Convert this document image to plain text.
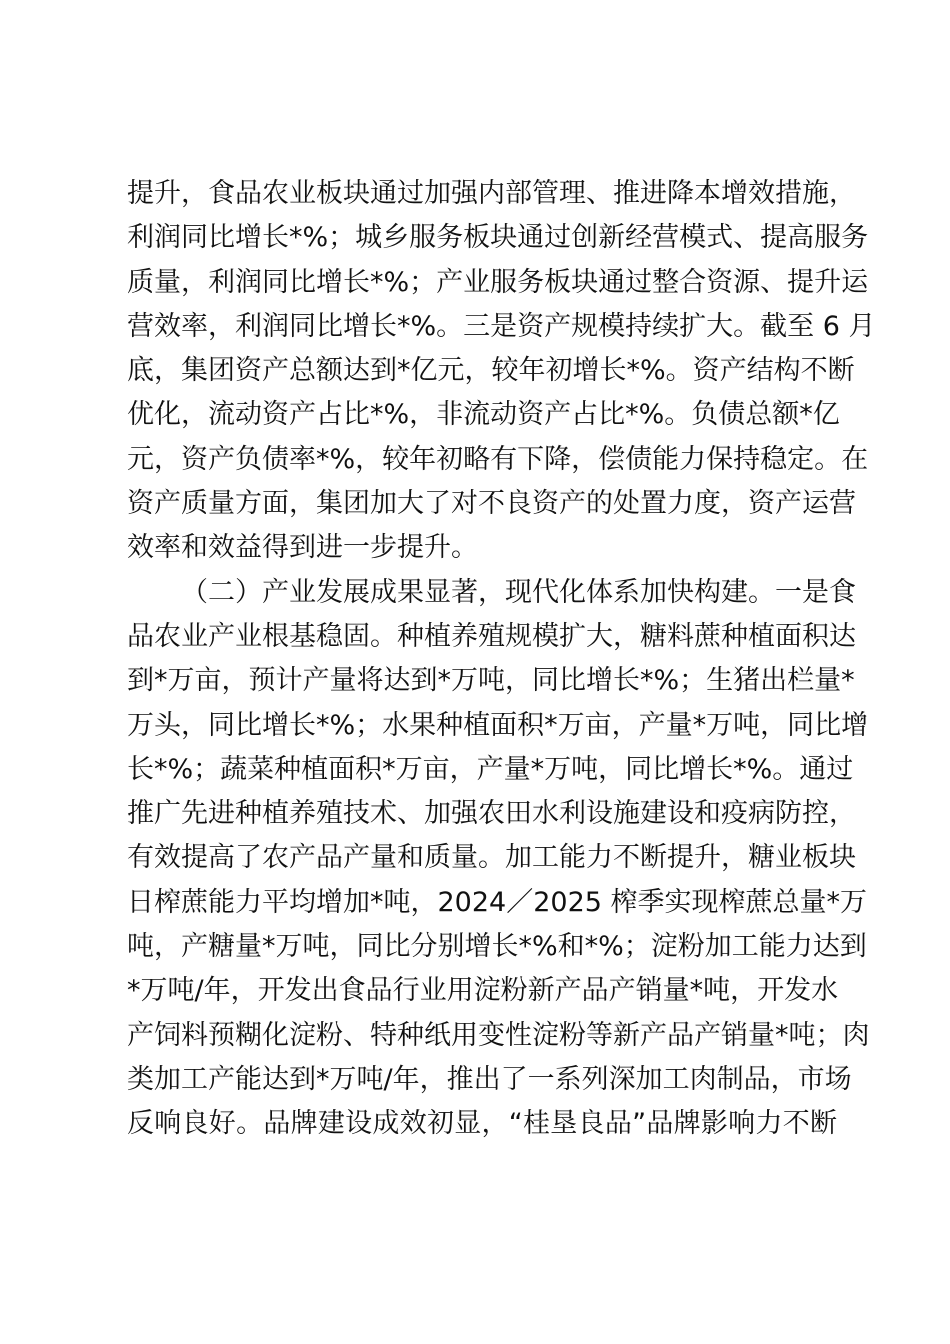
提升，食品农业板块通过加强内部管理、推进降本增效措施，
利润同比增长*%；城乡服务板块通过创新经营模式、提高服务
质量，利润同比增长*%；产业服务板块通过整合资源、提升运
营效率，利润同比增长*%。三是资产规模持续扩大。截至 6 月
底，集团资产总额达到*亿元，较年初增长*%。资产结构不断
优化，流动资产占比*%，非流动资产占比*%。负债总额*亿
元，资产负债率*%，较年初略有下降，偿债能力保持稳定。在
资产质量方面，集团加大了对不良资产的处置力度，资产运营
效率和效益得到进一步提升。
（二）产业发展成果显著，现代化体系加快构建。一是食
品农业产业根基稳固。种植养殖规模扩大，糖料蔗种植面积达
到*万亩，预计产量将达到*万吨，同比增长*%；生猪出栏量*
万头，同比增长*%；水果种植面积*万亩，产量*万吨，同比增
长*%；蔬菜种植面积*万亩，产量*万吨，同比增长*%。通过
推广先进种植养殖技术、加强农田水利设施建设和疫病防控，
有效提高了农产品产量和质量。加工能力不断提升，糖业板块
日榨蔗能力平均增加*吨，2024／2025 榨季实现榨蔗总量*万
吨，产糖量*万吨，同比分别增长*%和*%；淀粉加工能力达到
*万吨/年，开发出食品行业用淀粉新产品产销量*吨，开发水
产饲料预糊化淀粉、特种纸用变性淀粉等新产品产销量*吨；肉
类加工产能达到*万吨/年，推出了一系列深加工肉制品，市场
反响良好。品牌建设成效初显，“桂垦良品”品牌影响力不断
